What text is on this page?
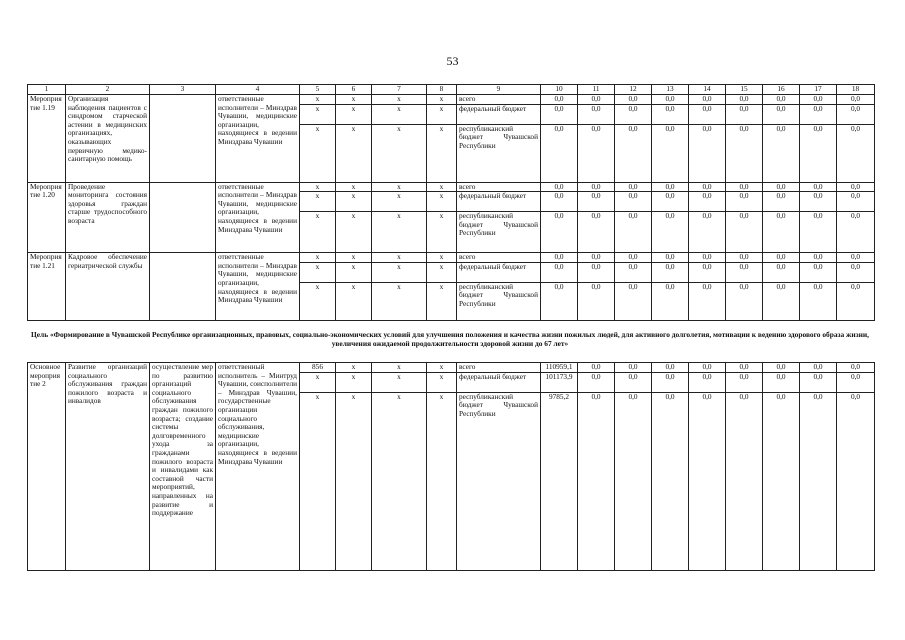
53
1	2	3	4	5	6	7	8	9	10	11	12	13	14	15	16	17	18
Мероприятие 1.19	Организация наблюдения пациентов с синдромом старческой астении в медицинских организациях, оказывающих первичную медико-санитарную помощь		ответственные исполнители – Минздрав Чувашии, медицинские организации, находящиеся в ведении Минздрава Чувашии	x	x	x	x	всего	0,0	0,0	0,0	0,0	0,0	0,0	0,0	0,0	0,0
				x	x	x	x	федеральный бюджет	0,0	0,0	0,0	0,0	0,0	0,0	0,0	0,0	0,0
				x	x	x	x	республиканский бюджет Чувашской Республики	0,0	0,0	0,0	0,0	0,0	0,0	0,0	0,0	0,0
Мероприятие 1.20	Проведение мониторинга состояния здоровья граждан старше трудоспособного возраста		ответственные исполнители – Минздрав Чувашии, медицинские организации, находящиеся в ведении Минздрава Чувашии	x	x	x	x	всего	0,0	0,0	0,0	0,0	0,0	0,0	0,0	0,0	0,0
				x	x	x	x	федеральный бюджет	0,0	0,0	0,0	0,0	0,0	0,0	0,0	0,0	0,0
				x	x	x	x	республиканский бюджет Чувашской Республики	0,0	0,0	0,0	0,0	0,0	0,0	0,0	0,0	0,0
Мероприятие 1.21	Кадровое обеспечение гериатрической службы		ответственные исполнители – Минздрав Чувашии, медицинские организации, находящиеся в ведении Минздрава Чувашии	x	x	x	x	всего	0,0	0,0	0,0	0,0	0,0	0,0	0,0	0,0	0,0
				x	x	x	x	федеральный бюджет	0,0	0,0	0,0	0,0	0,0	0,0	0,0	0,0	0,0
				x	x	x	x	республиканский бюджет Чувашской Республики	0,0	0,0	0,0	0,0	0,0	0,0	0,0	0,0	0,0
Цель «Формирование в Чувашской Республике организационных, правовых, социально-экономических условий для улучшения положения и качества жизни пожилых людей, для активного долголетия, мотивации к ведению здорового образа жизни, увеличения ожидаемой продолжительности здоровой жизни до 67 лет»
Основное мероприятие 2	Развитие организаций социального обслуживания граждан пожилого возраста и инвалидов	осуществление мер по развитию организаций социального обслуживания граждан пожилого возраста; создание системы долговременного ухода за гражданами пожилого возраста и инвалидами как составной части мероприятий, направленных на развитие и поддержание	ответственный исполнитель – Минтруд Чувашии, соисполнители – Минздрав Чувашии, государственные организации социального обслуживания, медицинские организации, находящиеся в ведении Минздрава Чувашии	856	x	x	x	всего	110959,1	0,0	0,0	0,0	0,0	0,0	0,0	0,0	0,0
				x	x	x	x	федеральный бюджет	101173,9	0,0	0,0	0,0	0,0	0,0	0,0	0,0	0,0
				x	x	x	x	республиканский бюджет Чувашской Республики	9785,2	0,0	0,0	0,0	0,0	0,0	0,0	0,0	0,0
